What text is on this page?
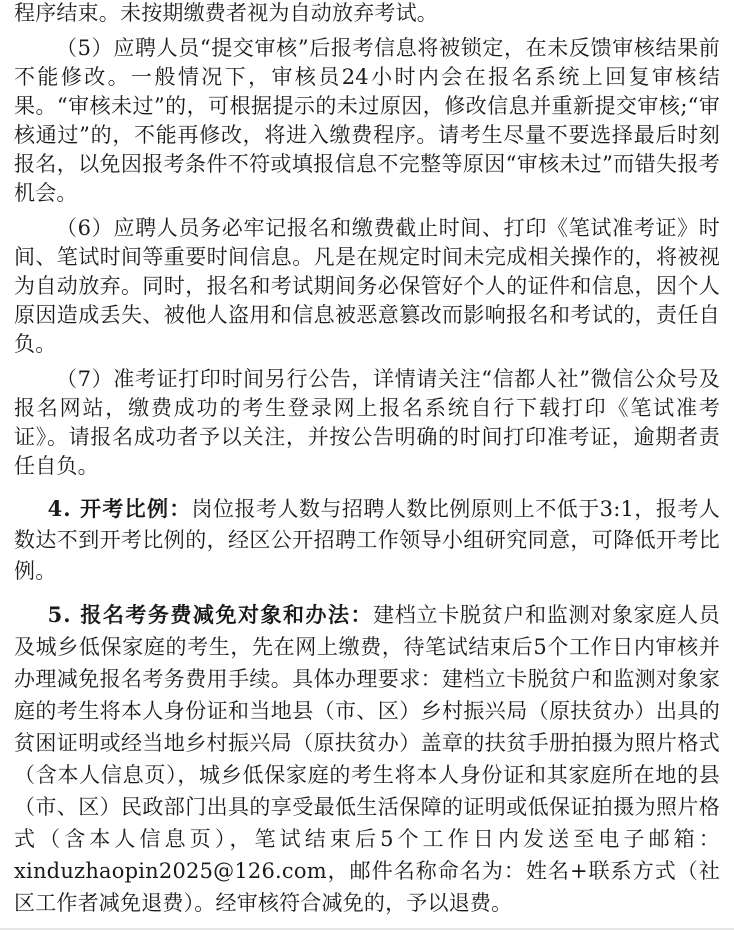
程序结束。未按期缴费者视为自动放弃考试。

（5）应聘人员“提交审核”后报考信息将被锁定，在未反馈审核结果前不能修改。一般情况下，审核员24小时内会在报名系统上回复审核结果。“审核未过”的，可根据提示的未过原因，修改信息并重新提交审核;“审核通过”的，不能再修改，将进入缴费程序。请考生尽量不要选择最后时刻报名，以免因报考条件不符或填报信息不完整等原因“审核未过”而错失报考机会。

（6）应聘人员务必牢记报名和缴费截止时间、打印《笔试准考证》时间、笔试时间等重要时间信息。凡是在规定时间未完成相关操作的，将被视为自动放弃。同时，报名和考试期间务必保管好个人的证件和信息，因个人原因造成丢失、被他人盗用和信息被恶意篡改而影响报名和考试的，责任自负。

（7）准考证打印时间另行公告，详情请关注“信都人社”微信公众号及报名网站，缴费成功的考生登录网上报名系统自行下载打印《笔试准考证》。请报名成功者予以关注，并按公告明确的时间打印准考证，逾期者责任自负。

4. 开考比例：岗位报考人数与招聘人数比例原则上不低于3:1，报考人数达不到开考比例的，经区公开招聘工作领导小组研究同意，可降低开考比例。

5. 报名考务费减免对象和办法：建档立卡脱贫户和监测对象家庭人员及城乡低保家庭的考生，先在网上缴费，待笔试结束后5个工作日内审核并办理减免报名考务费用手续。具体办理要求：建档立卡脱贫户和监测对象家庭的考生将本人身份证和当地县（市、区）乡村振兴局（原扶贫办）出具的贫困证明或经当地乡村振兴局（原扶贫办）盖章的扶贫手册拍摄为照片格式（含本人信息页），城乡低保家庭的考生将本人身份证和其家庭所在地的县（市、区）民政部门出具的享受最低生活保障的证明或低保证拍摄为照片格式（含本人信息页），笔试结束后5个工作日内发送至电子邮箱：xinduzhaopin2025@126.com，邮件名称命名为：姓名+联系方式（社区工作者减免退费）。经审核符合减免的，予以退费。
